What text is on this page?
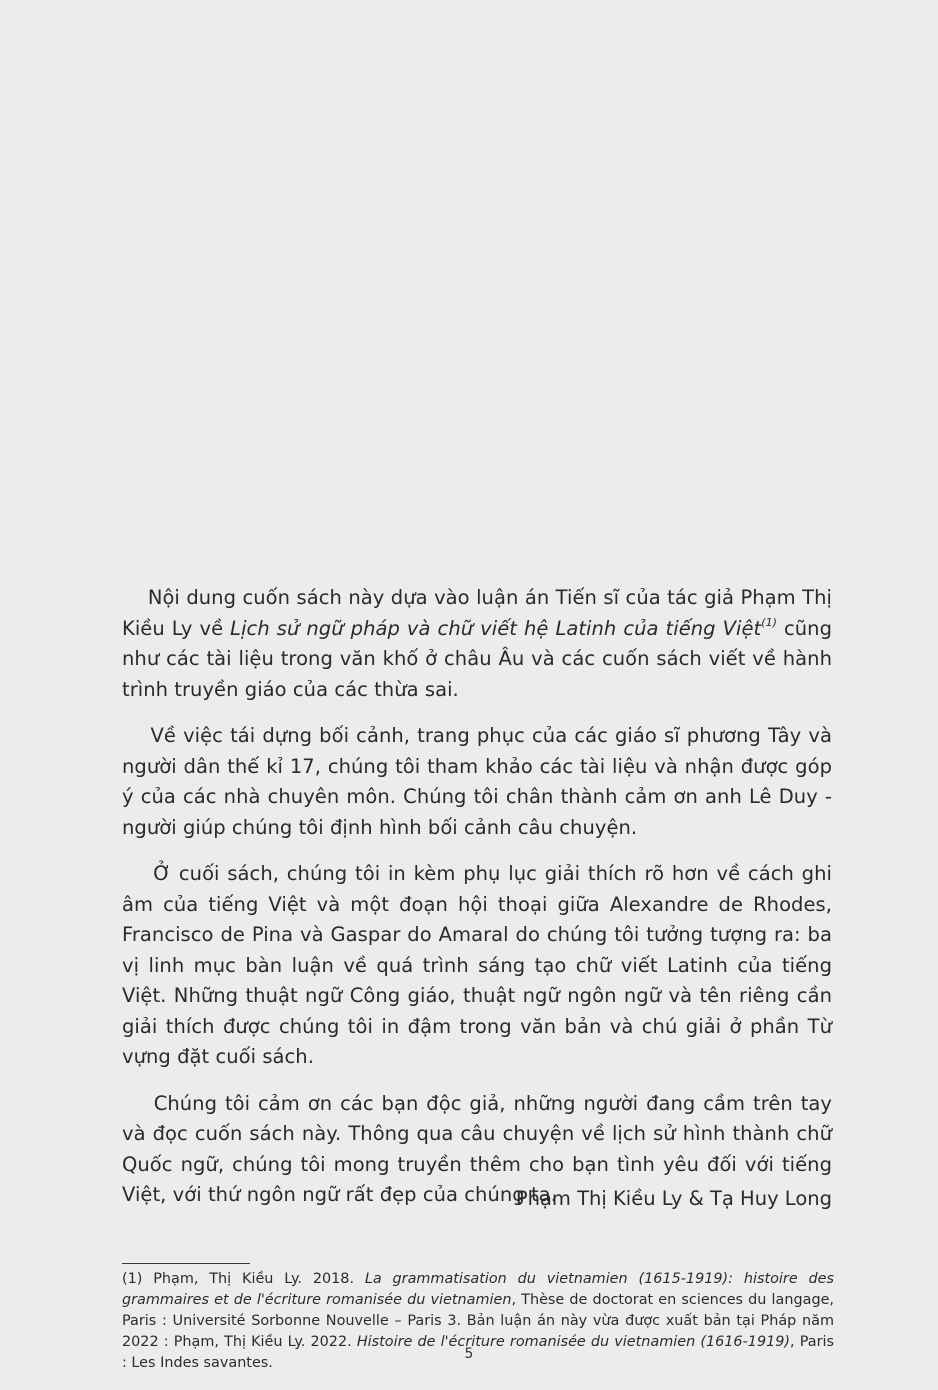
Nội dung cuốn sách này dựa vào luận án Tiến sĩ của tác giả Phạm Thị Kiều Ly về Lịch sử ngữ pháp và chữ viết hệ Latinh của tiếng Việt$^{(1)}$ cũng như các tài liệu trong văn khố ở châu Âu và các cuốn sách viết về hành trình truyền giáo của các thừa sai.

Về việc tái dựng bối cảnh, trang phục của các giáo sĩ phương Tây và người dân thế kỉ 17, chúng tôi tham khảo các tài liệu và nhận được góp ý của các nhà chuyên môn. Chúng tôi chân thành cảm ơn anh Lê Duy - người giúp chúng tôi định hình bối cảnh câu chuyện.

Ở cuối sách, chúng tôi in kèm phụ lục giải thích rõ hơn về cách ghi âm của tiếng Việt và một đoạn hội thoại giữa Alexandre de Rhodes, Francisco de Pina và Gaspar do Amaral do chúng tôi tưởng tượng ra: ba vị linh mục bàn luận về quá trình sáng tạo chữ viết Latinh của tiếng Việt. Những thuật ngữ Công giáo, thuật ngữ ngôn ngữ và tên riêng cần giải thích được chúng tôi in đậm trong văn bản và chú giải ở phần Từ vựng đặt cuối sách.

Chúng tôi cảm ơn các bạn độc giả, những người đang cầm trên tay và đọc cuốn sách này. Thông qua câu chuyện về lịch sử hình thành chữ Quốc ngữ, chúng tôi mong truyền thêm cho bạn tình yêu đối với tiếng Việt, với thứ ngôn ngữ rất đẹp của chúng ta.

Phạm Thị Kiều Ly & Tạ Huy Long
(1) Phạm, Thị Kiều Ly. 2018. La grammatisation du vietnamien (1615-1919): histoire des grammaires et de l'écriture romanisée du vietnamien, Thèse de doctorat en sciences du langage, Paris : Université Sorbonne Nouvelle – Paris 3. Bản luận án này vừa được xuất bản tại Pháp năm 2022 : Phạm, Thị Kiều Ly. 2022. Histoire de l'écriture romanisée du vietnamien (1616-1919), Paris : Les Indes savantes.
5
